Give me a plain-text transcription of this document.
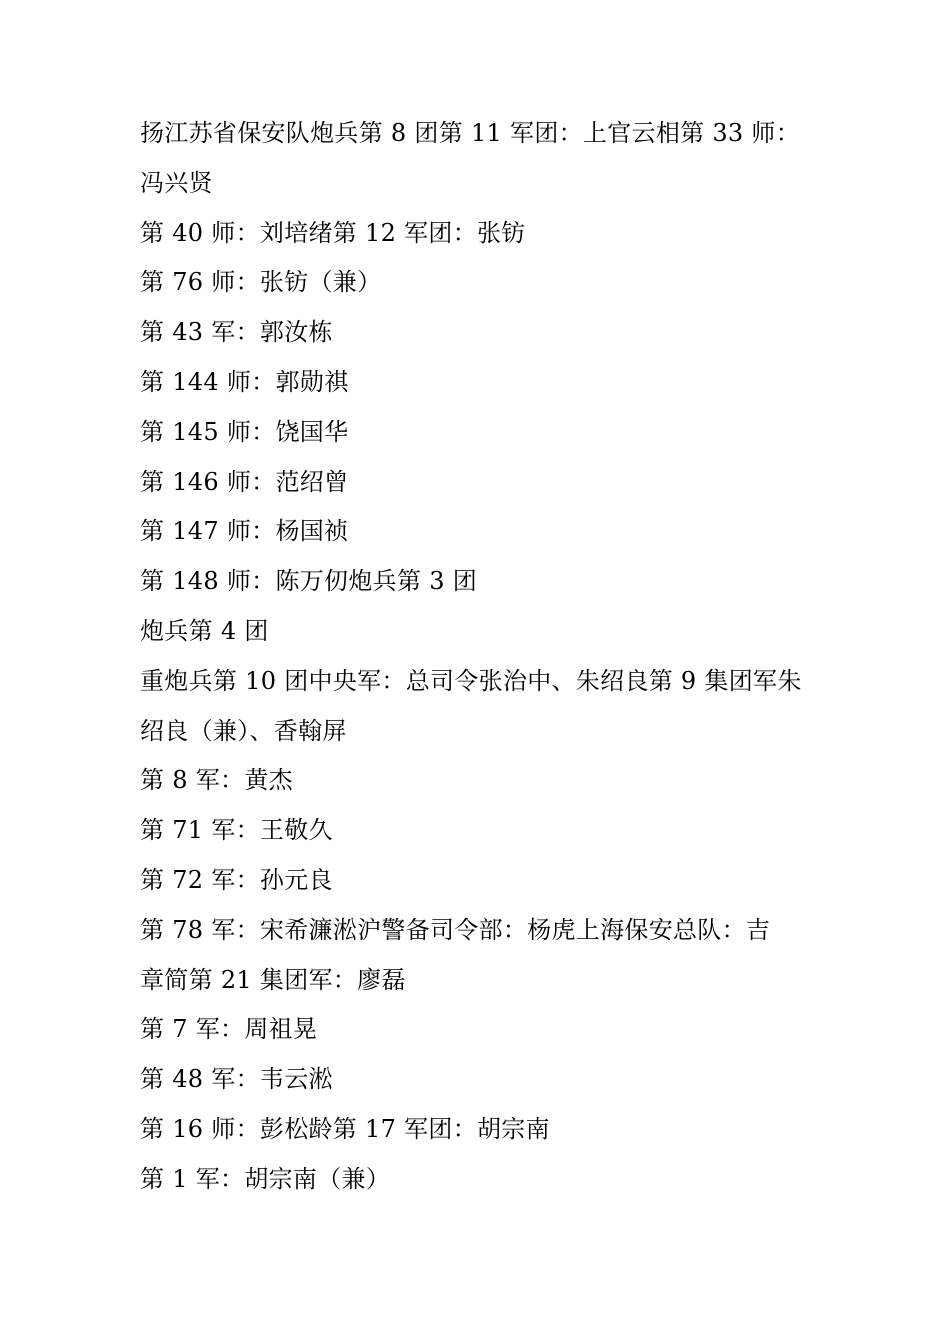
扬江苏省保安队炮兵第 8 团第 11 军团：上官云相第 33 师：
冯兴贤
第 40 师：刘培绪第 12 军团：张钫
第 76 师：张钫（兼）
第 43 军：郭汝栋
第 144 师：郭勋祺
第 145 师：饶国华
第 146 师：范绍曾
第 147 师：杨国祯
第 148 师：陈万仞炮兵第 3 团
炮兵第 4 团
重炮兵第 10 团中央军：总司令张治中、朱绍良第 9 集团军朱
绍良（兼）、香翰屏
第 8 军：黄杰
第 71 军：王敬久
第 72 军：孙元良
第 78 军：宋希濂淞沪警备司令部：杨虎上海保安总队：吉
章简第 21 集团军：廖磊
第 7 军：周祖晃
第 48 军：韦云淞
第 16 师：彭松龄第 17 军团：胡宗南
第 1 军：胡宗南（兼）
